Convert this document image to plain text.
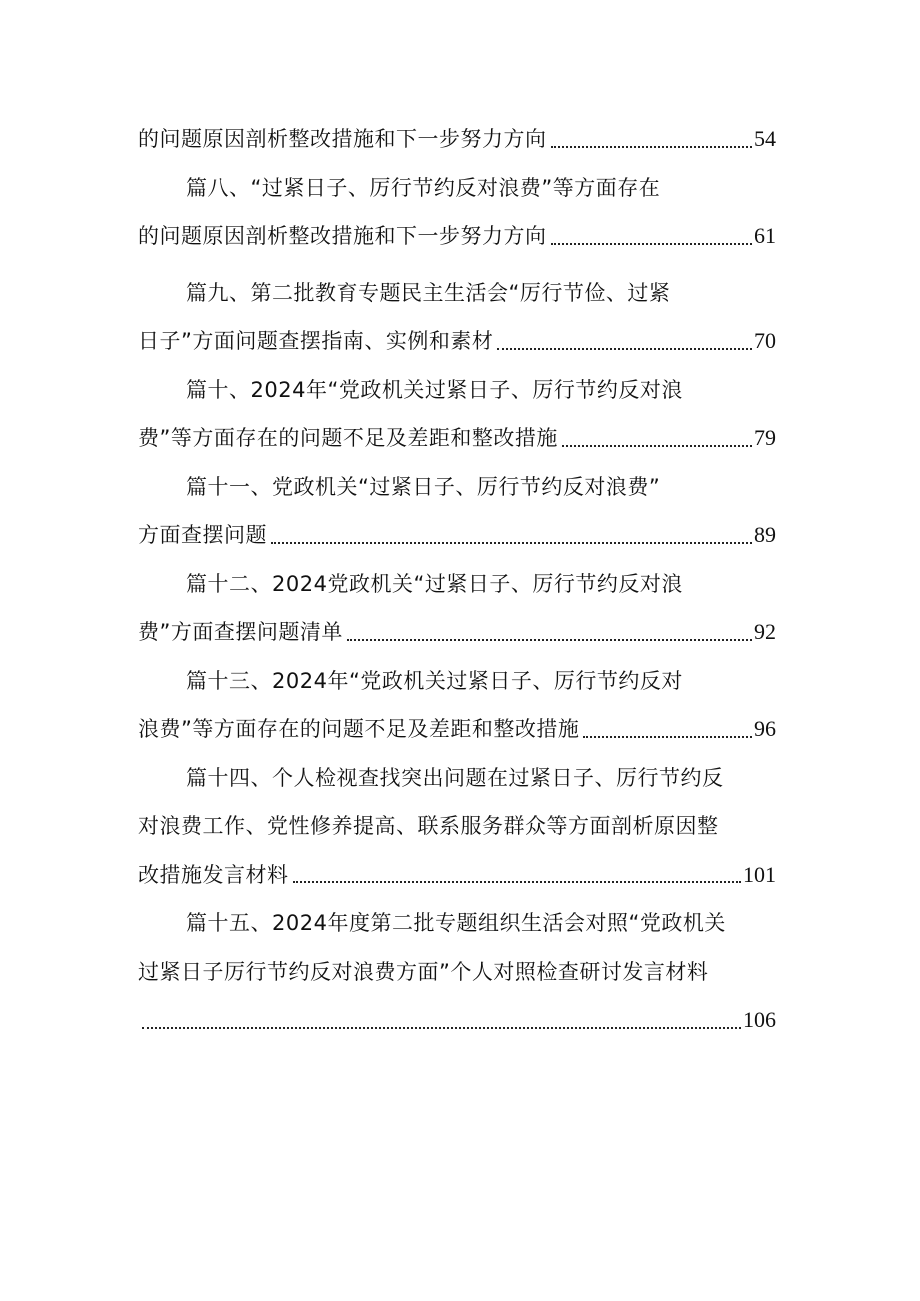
的问题原因剖析整改措施和下一步努力方向	54
篇八、“过紧日子、厉行节约反对浪费”等方面存在
的问题原因剖析整改措施和下一步努力方向	61
篇九、第二批教育专题民主生活会“厉行节俭、过紧
日子”方面问题查摆指南、实例和素材	70
篇十、2024年“党政机关过紧日子、厉行节约反对浪
费”等方面存在的问题不足及差距和整改措施	79
篇十一、党政机关“过紧日子、厉行节约反对浪费”
方面查摆问题	89
篇十二、2024党政机关“过紧日子、厉行节约反对浪
费”方面查摆问题清单	92
篇十三、2024年“党政机关过紧日子、厉行节约反对
浪费”等方面存在的问题不足及差距和整改措施	96
篇十四、个人检视查找突出问题在过紧日子、厉行节约反
对浪费工作、党性修养提高、联系服务群众等方面剖析原因整
改措施发言材料	101
篇十五、2024年度第二批专题组织生活会对照“党政机关
过紧日子厉行节约反对浪费方面”个人对照检查研讨发言材料
106
